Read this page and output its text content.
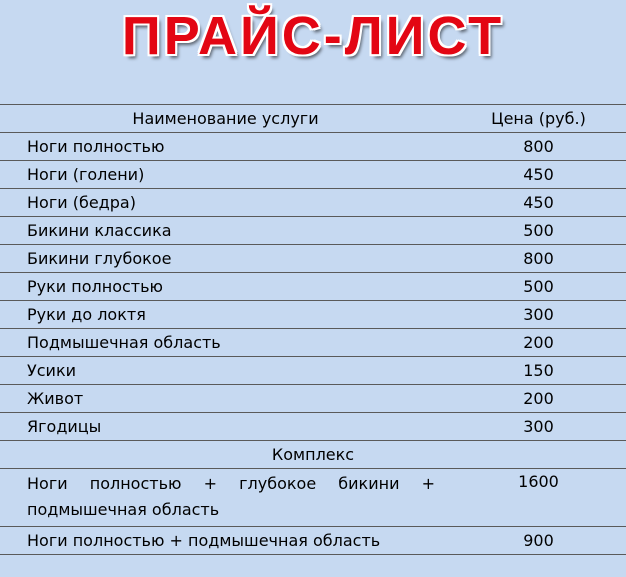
ПРАЙС-ЛИСТ
Наименование услуги	Цена (руб.)
Ноги полностью	800
Ноги (голени)	450
Ноги (бедра)	450
Бикини классика	500
Бикини глубокое	800
Руки полностью	500
Руки до локтя	300
Подмышечная область	200
Усики	150
Живот	200
Ягодицы	300
Комплекс	
Ноги полностью + глубокое бикини + подмышечная область	1600
Ноги полностью + подмышечная область	900
